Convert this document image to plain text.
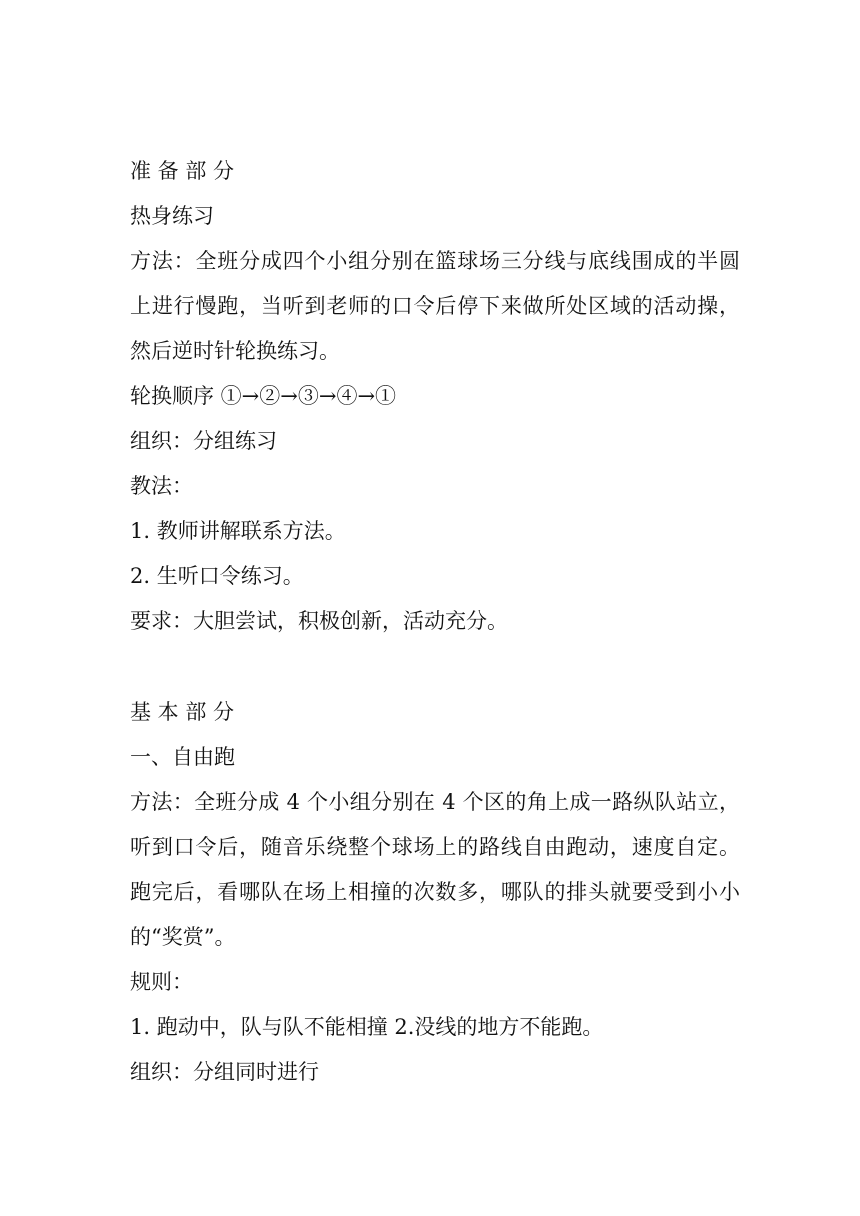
准 备 部 分
热身练习
方法：全班分成四个小组分别在篮球场三分线与底线围成的半圆
上进行慢跑，当听到老师的口令后停下来做所处区域的活动操，
然后逆时针轮换练习。
轮换顺序 ①→②→③→④→①
组织：分组练习
教法：
1. 教师讲解联系方法。
2. 生听口令练习。
要求：大胆尝试，积极创新，活动充分。
基 本 部 分
一、自由跑
方法：全班分成 4 个小组分别在 4 个区的角上成一路纵队站立，
听到口令后，随音乐绕整个球场上的路线自由跑动，速度自定。
跑完后，看哪队在场上相撞的次数多，哪队的排头就要受到小小
的“奖赏”。
规则：
1. 跑动中，队与队不能相撞 2.没线的地方不能跑。
组织：分组同时进行
